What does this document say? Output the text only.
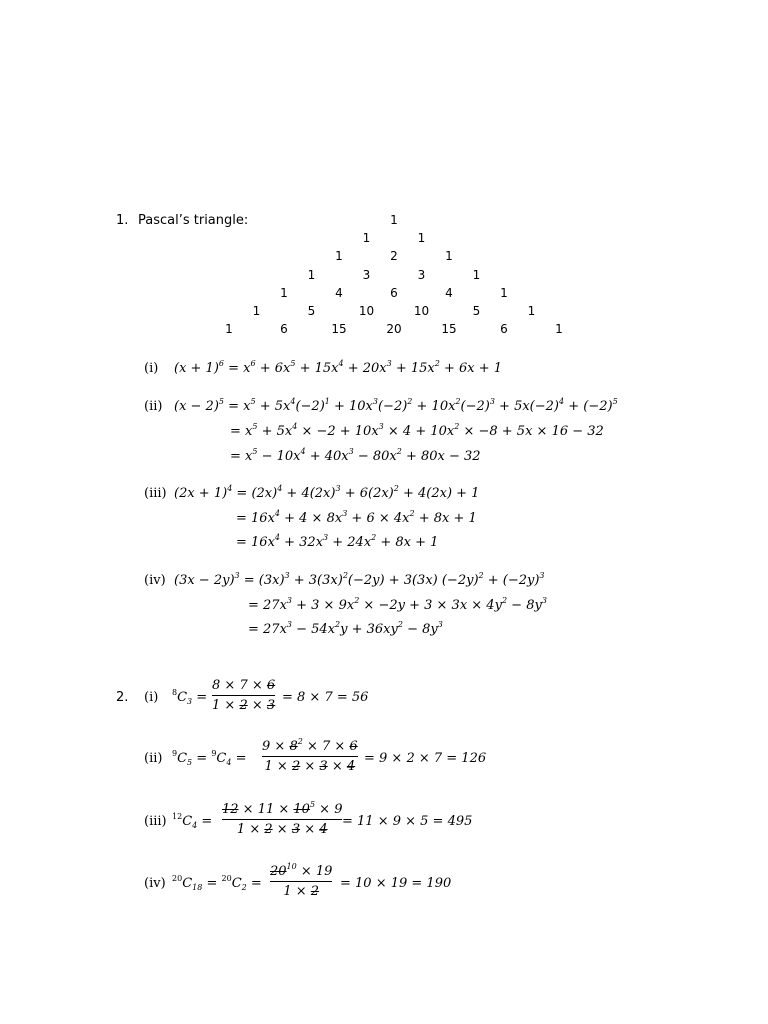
1. Pascal’s triangle:	1
1	1
1	2	1
1	3	3	1
1	4	6	4	1
1	5	10	10	5	1
1	6	15	20	15	6	1
(i) $(x + 1)^6 = x^6 + 6x^5 + 15x^4 + 20x^3 + 15x^2 + 6x + 1$
(ii) $(x - 2)^5 = x^5 + 5x^4(-2)^1 + 10x^3(-2)^2 + 10x^2(-2)^3 + 5x(-2)^4 + (-2)^5$
= $x^5 + 5x^4 \times -2 + 10x^3 \times 4 + 10x^2 \times -8 + 5x \times 16 - 32$
= $x^5 - 10x^4 + 40x^3 - 80x^2 + 80x - 32$
(iii) $(2x + 1)^4 = (2x)^4 + 4(2x)^3 + 6(2x)^2 + 4(2x) + 1$
= $16x^4 + 4 \times 8x^3 + 6 \times 4x^2 + 8x + 1$
= $16x^4 + 32x^3 + 24x^2 + 8x + 1$
(iv) $(3x - 2y)^3 = (3x)^3 + 3(3x)^2(-2y) + 3(3x)$ $(-2y)^2 + (-2y)^3$
= $27x^3 + 3 \times 9x^2 \times -2y + 3 \times 3x \times 4y^2 - 8y^3$
= $27x^3 - 54x^2y + 36xy^2 - 8y^3$
2. (i) $^8C_3$ =
8 × 7 × 6
1 × 2 × 3
= 8 × 7 = 56
(ii) $^9C_5 = ^9C_4$ =
$9 \times 8^2 \times 7 \times 6$
1 × 2 × 3 × 4
= 9 × 2 × 7 = 126
(iii) $^{12}C_4$ =
$12 \times 11 \times 10^5 \times 9$
1 × 2 × 3 × 4
= 11 × 9 × 5 = 495
(iv) $^{20}C_{18} = ^{20}C_2$ =
$20^{10} \times 19$
1 × 2
= 10 × 19 = 190
